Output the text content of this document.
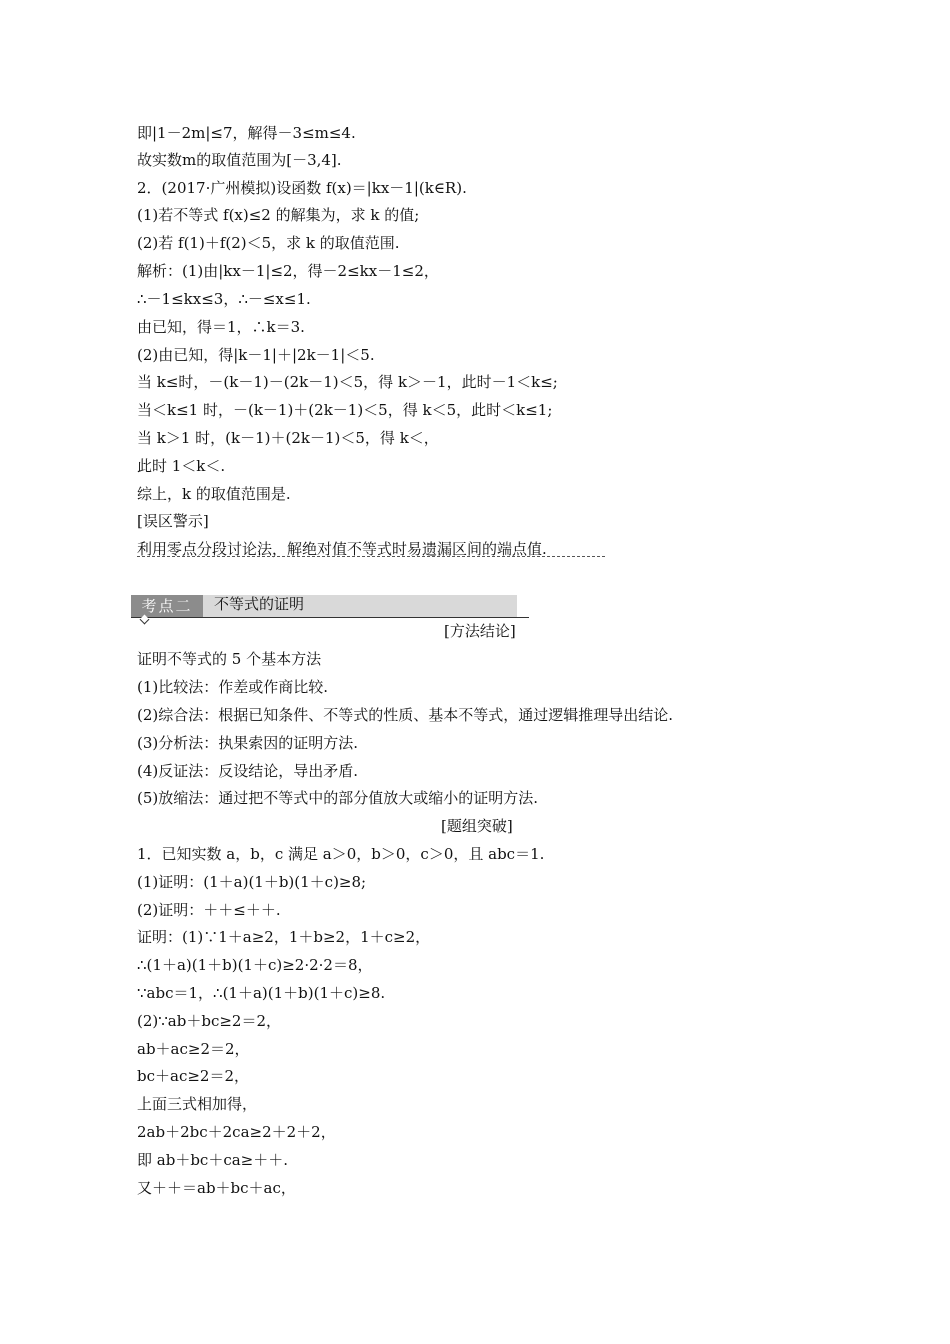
即|1－2m|≤7，解得－3≤m≤4.
故实数m的取值范围为[－3,4].
2．(2017·广州模拟)设函数 f(x)＝|kx－1|(k∈R).
(1)若不等式 f(x)≤2 的解集为，求 k 的值;
(2)若 f(1)＋f(2)＜5，求 k 的取值范围.
解析：(1)由|kx－1|≤2，得－2≤kx－1≤2，
∴－1≤kx≤3，∴－≤x≤1.
由已知，得＝1，∴k＝3.
(2)由已知，得|k－1|＋|2k－1|＜5.
当 k≤时，－(k－1)－(2k－1)＜5，得 k＞－1，此时－1＜k≤;
当＜k≤1 时，－(k－1)＋(2k－1)＜5，得 k＜5，此时＜k≤1;
当 k＞1 时，(k－1)＋(2k－1)＜5，得 k＜，
此时 1＜k＜.
综上，k 的取值范围是.
[误区警示]
利用零点分段讨论法，解绝对值不等式时易遗漏区间的端点值.
考点二	不等式的证明
[方法结论]
证明不等式的 5 个基本方法
(1)比较法：作差或作商比较.
(2)综合法：根据已知条件、不等式的性质、基本不等式，通过逻辑推理导出结论.
(3)分析法：执果索因的证明方法.
(4)反证法：反设结论，导出矛盾.
(5)放缩法：通过把不等式中的部分值放大或缩小的证明方法.
[题组突破]
1．已知实数 a，b，c 满足 a＞0，b＞0，c＞0，且 abc＝1.
(1)证明：(1＋a)(1＋b)(1＋c)≥8;
(2)证明：＋＋≤＋＋.
证明：(1)∵1＋a≥2，1＋b≥2，1＋c≥2，
∴(1＋a)(1＋b)(1＋c)≥2·2·2＝8，
∵abc＝1，∴(1＋a)(1＋b)(1＋c)≥8.
(2)∵ab＋bc≥2＝2，
ab＋ac≥2＝2，
bc＋ac≥2＝2，
上面三式相加得，
2ab＋2bc＋2ca≥2＋2＋2，
即 ab＋bc＋ca≥＋＋.
又＋＋＝ab＋bc＋ac，
